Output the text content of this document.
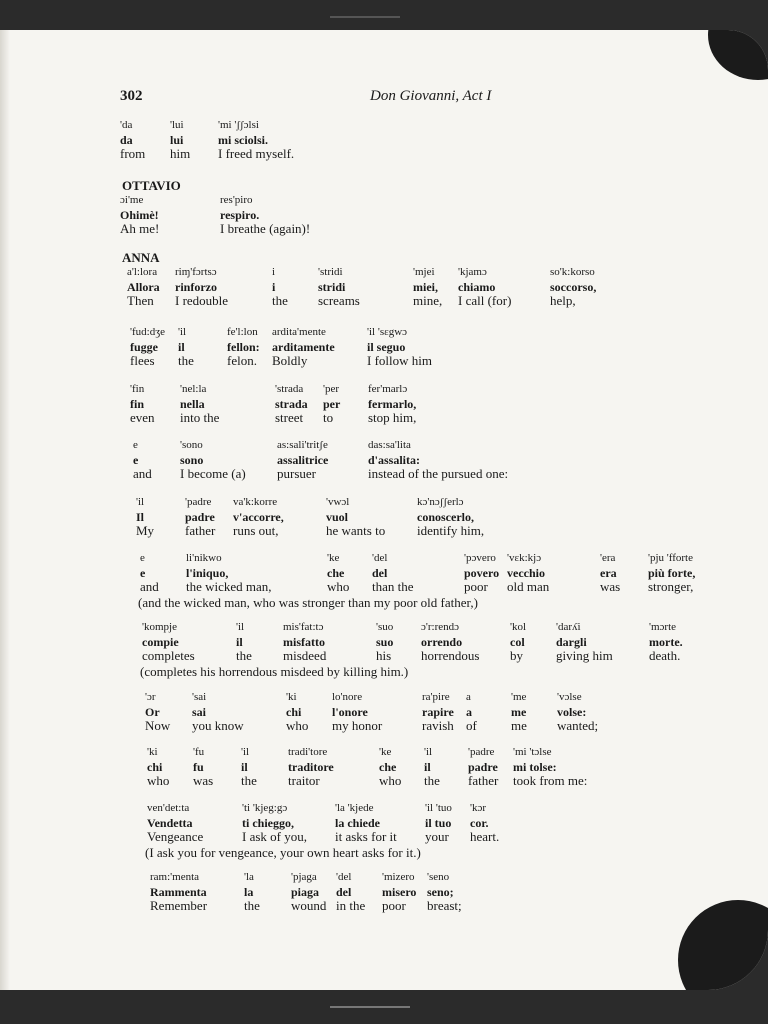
302	Don Giovanni, Act I
'da
da
from
'lui
lui
him
'mi 'ʃʃɔlsi
mi sciolsi.
I freed myself.
OTTAVIO
ɔi'me
Ohimè!
Ah me!
res'piro
respiro.
I breathe (again)!
ANNA
a'l:lora
Allora
Then
riɱ'fɔrtsɔ
rinforzo
I redouble
i
i
the
'stridi
stridi
screams
'mjei
miei,
mine,
'kjamɔ
chiamo
I call (for)
so'k:korso
soccorso,
help,
'fud:dʒe
fugge
flees
'il
il
the
fe'l:lon
fellon:
felon.
ardita'mente
arditamente
Boldly
'il 'sɛgwɔ
il seguo
I follow him
'fin
fin
even
'nel:la
nella
into the
'strada
strada
street
'per
per
to
fer'marlɔ
fermarlo,
stop him,
e
e
and
'sono
sono
I become (a)
as:sali'tritʃe
assalitrice
pursuer
das:sa'lita
d'assalita:
instead of the pursued one:
'il
Il
My
'padre
padre
father
va'k:korre
v'accorre,
runs out,
'vwɔl
vuol
he wants to
kɔ'nɔʃʃerlɔ
conoscerlo,
identify him,
e
e
and
li'nikwo
l'iniquo,
the wicked man,
'ke
che
who
'del
del
than the
'pɔvero
povero
poor
'vɛk:kjɔ
vecchio
old man
'era
era
was
'pju 'fforte
più forte,
stronger,
(and the wicked man, who was stronger than my poor old father,)
'kompje
compie
completes
'il
il
the
mis'fat:tɔ
misfatto
misdeed
'suo
suo
his
ɔ'r:rendɔ
orrendo
horrendous
'kol
col
by
'darʎi
dargli
giving him
'mɔrte
morte.
death.
(completes his horrendous misdeed by killing him.)
'ɔr
Or
Now
'sai
sai
you know
'ki
chi
who
lo'nore
l'onore
my honor
ra'pire
rapire
ravish
a
a
of
'me
me
me
'vɔlse
volse:
wanted;
'ki
chi
who
'fu
fu
was
'il
il
the
tradi'tore
traditore
traitor
'ke
che
who
'il
il
the
'padre
padre
father
'mi 'tɔlse
mi tolse:
took from me:
ven'det:ta
Vendetta
Vengeance
'ti 'kjeg:gɔ
ti chieggo,
I ask of you,
'la 'kjede
la chiede
it asks for it
'il 'tuo
il tuo
your
'kɔr
cor.
heart.
(I ask you for vengeance, your own heart asks for it.)
ram:'menta
Rammenta
Remember
'la
la
the
'pjaga
piaga
wound
'del
del
in the
'mizero
misero
poor
'seno
seno;
breast;
